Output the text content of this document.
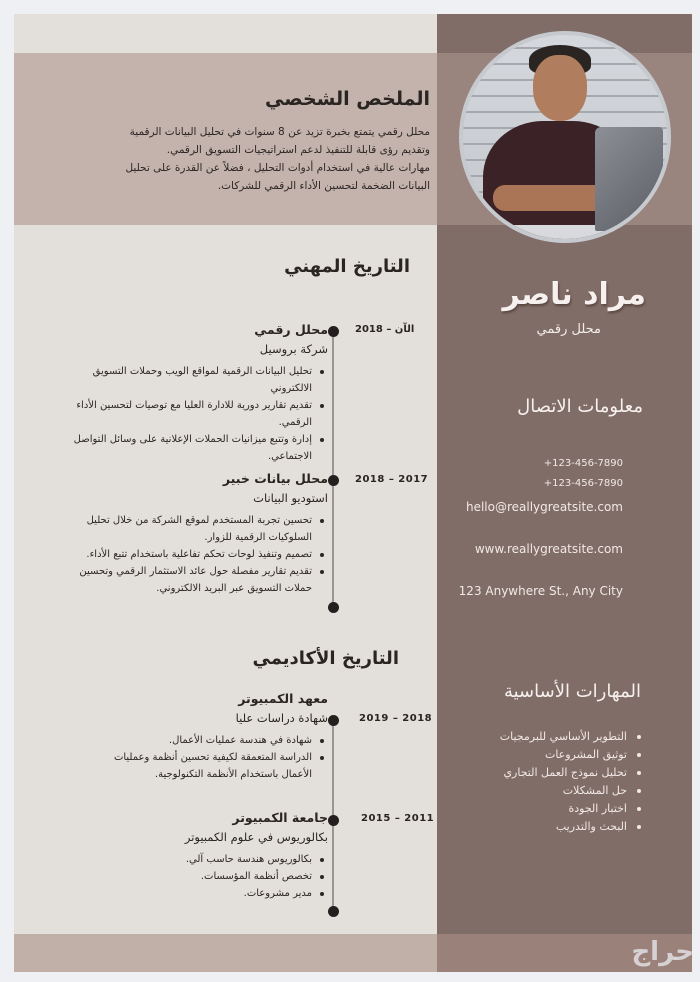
الملخص الشخصي
محلل رقمي يتمتع بخبرة تزيد عن 8 سنوات في تحليل البيانات الرقمية
وتقديم رؤى قابلة للتنفيذ لدعم استراتيجيات التسويق الرقمي.
مهارات عالية في استخدام أدوات التحليل ، فضلاً عن القدرة على تحليل
البيانات الضخمة لتحسين الأداء الرقمي للشركات.
التاريخ المهني
الآن – 2018
محلل رقمي
شركة بروسيل
تحليل البيانات الرقمية لمواقع الويب وحملات التسويق
الالكتروني
تقديم تقارير دورية للادارة العليا مع توصيات لتحسين الأداء
الرقمي.
إدارة وتتبع ميزانيات الحملات الإعلانية على وسائل التواصل
الاجتماعي.
2018 – 2017
محلل بيانات خبير
استوديو البيانات
تحسين تجربة المستخدم لموقع الشركة من خلال تحليل
السلوكيات الرقمية للزوار.
تصميم وتنفيذ لوحات تحكم تفاعلية باستخدام تتبع الأداء.
تقديم تقارير مفصلة حول عائد الاستثمار الرقمي وتحسين
حملات التسويق عبر البريد الالكتروني.
التاريخ الأكاديمي
2019 – 2018
معهد الكمبيوتر
شهادة دراسات عليا
شهادة في هندسة عمليات الأعمال.
الدراسة المتعمقة لكيفية تحسين أنظمة وعمليات
الأعمال باستخدام الأنظمة التكنولوجية.
2015 – 2011
جامعة الكمبيوتر
بكالوريوس في علوم الكمبيوتر
بكالوريوس هندسة حاسب آلي.
تخصص أنظمة المؤسسات.
مدير مشروعات.
مراد ناصر
محلل رقمي
معلومات الاتصال
+123-456-7890
+123-456-7890
hello@reallygreatsite.com
www.reallygreatsite.com
123 Anywhere St., Any City
المهارات الأساسية
التطوير الأساسي للبرمجيات
توثيق المشروعات
تحليل نموذج العمل التجاري
حل المشكلات
اختبار الجودة
البحث والتدريب
حراج
